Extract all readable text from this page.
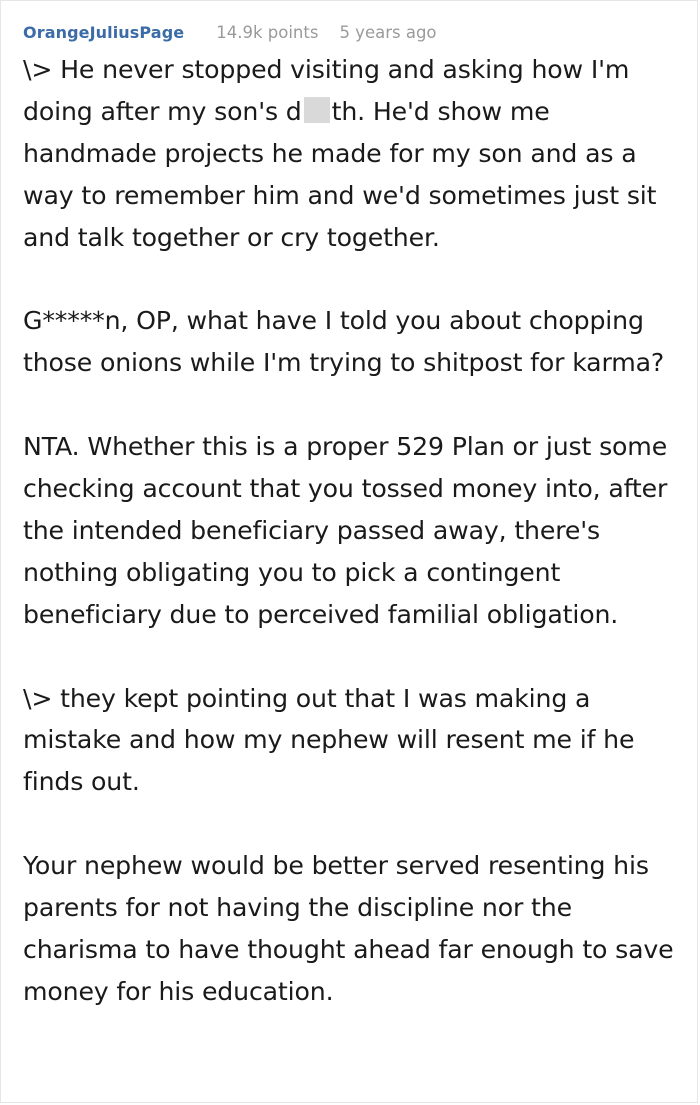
OrangeJuliusPage 14.9k points 5 years ago

\> He never stopped visiting and asking how I'm doing after my son's d th. He'd show me handmade projects he made for my son and as a way to remember him and we'd sometimes just sit and talk together or cry together.

G*****n, OP, what have I told you about chopping those onions while I'm trying to shitpost for karma?

NTA. Whether this is a proper 529 Plan or just some checking account that you tossed money into, after the intended beneficiary passed away, there's nothing obligating you to pick a contingent beneficiary due to perceived familial obligation.

\> they kept pointing out that I was making a mistake and how my nephew will resent me if he finds out.

Your nephew would be better served resenting his parents for not having the discipline nor the charisma to have thought ahead far enough to save money for his education.
